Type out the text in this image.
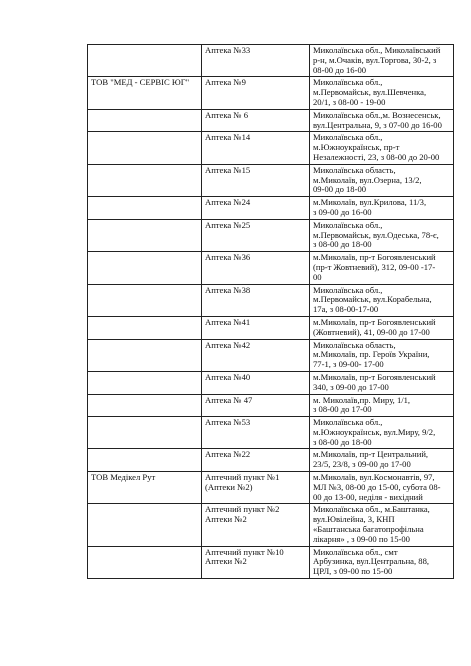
	Аптека №33	Миколаївська обл., Миколаївський
р-н, м.Очаків, вул.Торгова, 30-2, з
08-00 до 16-00
ТОВ "МЕД - СЕРВІС ЮГ"	Аптека №9	Миколаївська обл.,
м.Первомайськ, вул.Шевченка,
20/1, з 08-00 - 19-00
	Аптека № 6	Миколаївська обл.,м. Вознесенськ,
вул.Центральна, 9, з 07-00 до 16-00
	Аптека №14	Миколаївська обл.,
м.Южноукраїнськ, пр-т
Незалежності, 23, з 08-00 до 20-00
	Аптека №15	Миколаївська область,
м.Миколаїв, вул.Озерна, 13/2,
09-00 до 18-00
	Аптека №24	м.Миколаїв, вул.Крилова, 11/3,
з 09-00 до 16-00
	Аптека №25	Миколаївська обл.,
м.Первомайськ, вул.Одеська, 78-є,
з 08-00 до 18-00
	Аптека №36	м.Миколаїв, пр-т Богоявленський
(пр-т Жовтневий), 312, 09-00 -17-
00
	Аптека №38	Миколаївська обл.,
м.Первомайськ, вул.Корабельна,
17а, з 08-00-17-00
	Аптека №41	м.Миколаїв, пр-т Богоявленський
(Жовтневий), 41, 09-00 до 17-00
	Аптека №42	Миколаївська область,
м.Миколаїв, пр. Героїв України,
77-1, з 09-00- 17-00
	Аптека №40	м.Миколаїв, пр-т Богоявленський
340, з 09-00 до 17-00
	Аптека № 47	м. Миколаїв,пр. Миру, 1/1,
з 08-00 до 17-00
	Аптека №53	Миколаївська обл.,
м.Южноукраїнськ, вул.Миру, 9/2,
з 08-00 до 18-00
	Аптека №22	м.Миколаїв, пр-т Центральний,
23/5, 23/8, з 09-00 до 17-00
ТОВ Медікел Рут	Аптечний пункт №1
(Аптеки №2)	м.Миколаїв, вул.Космонавтів, 97,
МЛ №3, 08-00 до 15-00, субота 08-
00 до 13-00, неділя - вихідний
	Аптечний пункт №2
Аптеки №2	Миколаївська обл., м.Баштанка,
вул.Ювілейна, 3, КНП
«Баштанська багатопрофільна
лікарня» , з 09-00 по 15-00
	Аптечний пункт №10
Аптеки №2	Миколаївська обл., смт
Арбузинка, вул.Центральна, 88,
ЦРЛ, з 09-00 по 15-00
